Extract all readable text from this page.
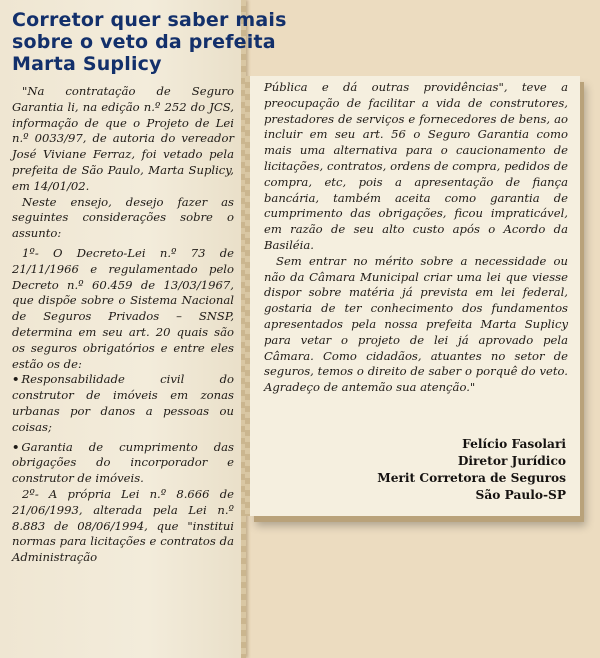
Corretor quer saber mais
sobre o veto da prefeita
Marta Suplicy

"Na contratação de Seguro Garantia li, na edição n.º 252 do JCS, informação de que o Projeto de Lei n.º 0033/97, de autoria do vereador José Viviane Ferraz, foi vetado pela prefeita de São Paulo, Marta Suplicy, em 14/01/02.

Neste ensejo, desejo fazer as seguintes considerações sobre o assunto:

1º- O Decreto-Lei n.º 73 de 21/11/1966 e regulamentado pelo Decreto n.º 60.459 de 13/03/1967, que dispõe sobre o Sistema Nacional de Seguros Privados – SNSP, determina em seu art. 20 quais são os seguros obrigatórios e entre eles estão os de:

• Responsabilidade civil do construtor de imóveis em zonas urbanas por danos a pessoas ou coisas;

• Garantia de cumprimento das obrigações do incorporador e construtor de imóveis.

2º- A própria Lei n.º 8.666 de 21/06/1993, alterada pela Lei n.º 8.883 de 08/06/1994, que "institui normas para licitações e contratos da Administração

Pública e dá outras providências", teve a preocupação de facilitar a vida de construtores, prestadores de serviços e fornecedores de bens, ao incluir em seu art. 56 o Seguro Garantia como mais uma alternativa para o caucionamento de licitações, contratos, ordens de compra, pedidos de compra, etc, pois a apresentação de fiança bancária, também aceita como garantia de cumprimento das obrigações, ficou impraticável, em razão de seu alto custo após o Acordo da Basiléia.

Sem entrar no mérito sobre a necessidade ou não da Câmara Municipal criar uma lei que viesse dispor sobre matéria já prevista em lei federal, gostaria de ter conhecimento dos fundamentos apresentados pela nossa prefeita Marta Suplicy para vetar o projeto de lei já aprovado pela Câmara. Como cidadãos, atuantes no setor de seguros, temos o direito de saber o porquê do veto. Agradeço de antemão sua atenção."

Felício Fasolari
Diretor Jurídico
Merit Corretora de Seguros
São Paulo-SP
